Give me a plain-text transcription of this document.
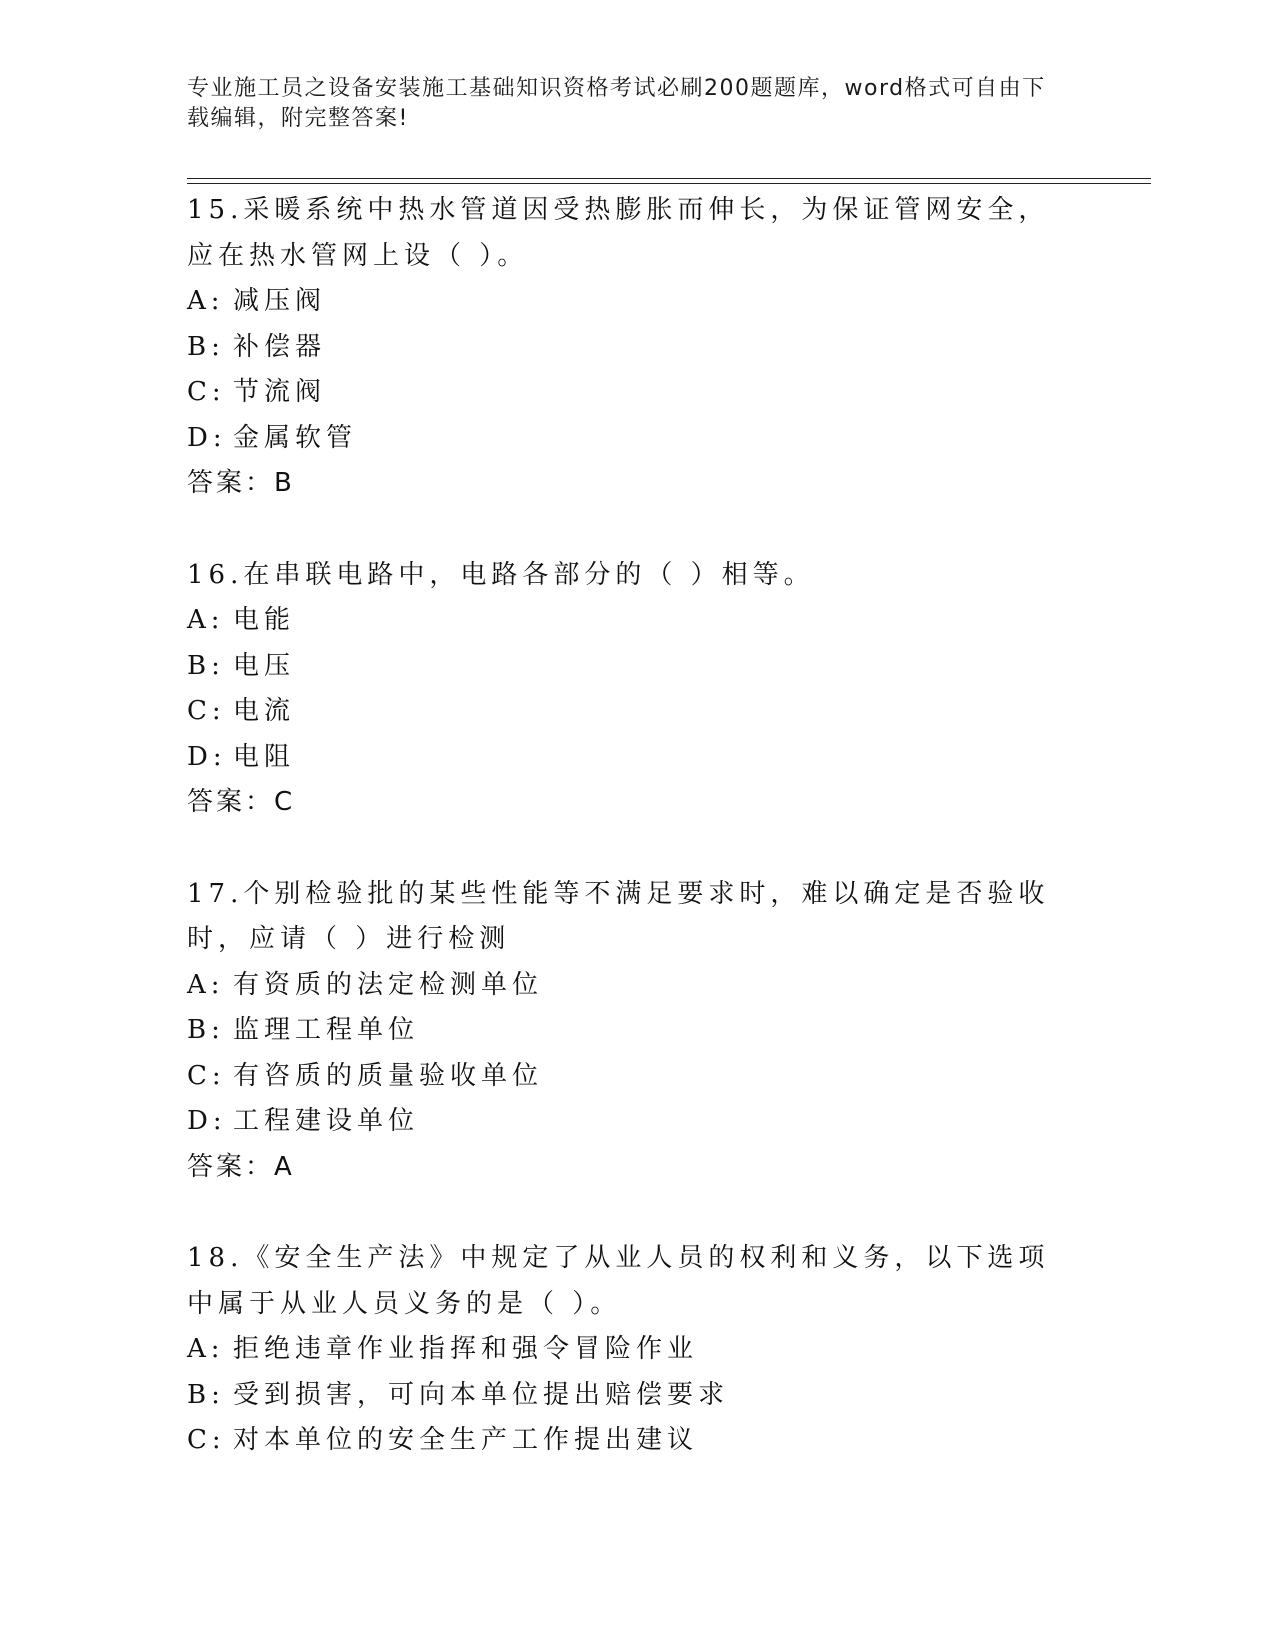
专业施工员之设备安装施工基础知识资格考试必刷200题题库，word格式可自由下载编辑，附完整答案!

15.采暖系统中热水管道因受热膨胀而伸长，为保证管网安全，应在热水管网上设（ ）。

A: 减压阀
B: 补偿器
C: 节流阀
D: 金属软管
答案：B

16.在串联电路中，电路各部分的（ ）相等。

A: 电能
B: 电压
C: 电流
D: 电阻
答案：C

17.个别检验批的某些性能等不满足要求时，难以确定是否验收时，应请（ ）进行检测

A: 有资质的法定检测单位
B: 监理工程单位
C: 有咨质的质量验收单位
D: 工程建设单位
答案：A

18.《安全生产法》中规定了从业人员的权利和义务，以下选项中属于从业人员义务的是（ ）。

A: 拒绝违章作业指挥和强令冒险作业
B: 受到损害，可向本单位提出赔偿要求
C: 对本单位的安全生产工作提出建议
